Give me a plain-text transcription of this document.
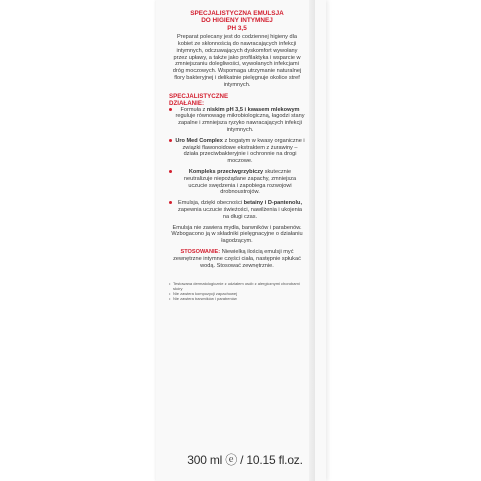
SPECJALISTYCZNA EMULSJA
DO HIGIENY INTYMNEJ
PH 3,5

Preparat polecany jest do codziennej higieny dla kobiet ze skłonnością do nawracających infekcji intymnych, odczuwających dyskomfort wywołany przez upławy, a także jako profilaktyka i wsparcie w zmniejszaniu dolegliwości, wywołanych infekcjami dróg moczowych. Wspomaga utrzymanie naturalnej flory bakteryjnej i delikatnie pielęgnuje okolice stref intymnych.

SPECJALISTYCZNE
DZIAŁANIE:
Formuła z niskim pH 3,5 i kwasem mlekowym reguluje równowagę mikrobiologiczną, łagodzi stany zapalne i zmniejsza ryzyko nawracających infekcji intymnych.
Uro Med Complex z bogatym w kwasy organiczne i związki flawonoidowe ekstraktem z żurawiny – działa przeciwbakteryjnie i ochronnie na drogi moczowe.
Kompleks przeciwgrzybiczy skutecznie neutralizuje niepożądane zapachy, zmniejsza uczucie swędzenia i zapobiega rozwojowi drobnoustrojów.
Emulsja, dzięki obecności betainy i D-pantenolu, zapewnia uczucie świeżości, nawilżenia i ukojenia na długi czas.

Emulsja nie zawiera mydła, barwników i parabenów. Wzbogacono ją w składniki pielęgnacyjne o działaniu łagodzącym.

STOSOWANIE: Niewielką ilością emulsji myć zewnętrzne intymne części ciała, następnie spłukać wodą. Stosować zewnętrznie.

• Testowana dermatologicznie z udziałem osób z alergicznymi chorobami skóry
• Nie zawiera kompozycji zapachowej
• Nie zawiera barwników i parabenów
300 ml ⓔ / 10.15 fl.oz.
